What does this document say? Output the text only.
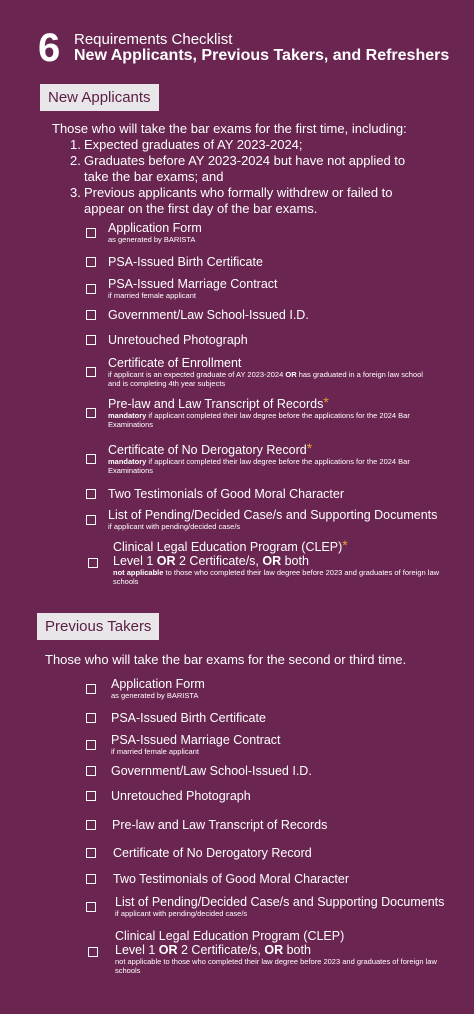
6 Requirements Checklist
New Applicants, Previous Takers, and Refreshers
New Applicants
Those who will take the bar exams for the first time, including:
1. Expected graduates of AY 2023-2024;
2. Graduates before AY 2023-2024 but have not applied to take the bar exams; and
3. Previous applicants who formally withdrew or failed to appear on the first day of the bar exams.
Application Form
as generated by BARISTA
PSA-Issued Birth Certificate
PSA-Issued Marriage Contract
if married female applicant
Government/Law School-Issued I.D.
Unretouched Photograph
Certificate of Enrollment
if applicant is an expected graduate of AY 2023-2024 OR has graduated in a foreign law school and is completing 4th year subjects
Pre-law and Law Transcript of Records*
mandatory if applicant completed their law degree before the applications for the 2024 Bar Examinations
Certificate of No Derogatory Record*
mandatory if applicant completed their law degree before the applications for the 2024 Bar Examinations
Two Testimonials of Good Moral Character
List of Pending/Decided Case/s and Supporting Documents
if applicant with pending/decided case/s
Clinical Legal Education Program (CLEP)*
Level 1 OR 2 Certificate/s, OR both
not applicable to those who completed their law degree before 2023 and graduates of foreign law schools
Previous Takers
Those who will take the bar exams for the second or third time.
Application Form
as generated by BARISTA
PSA-Issued Birth Certificate
PSA-Issued Marriage Contract
if married female applicant
Government/Law School-Issued I.D.
Unretouched Photograph
Pre-law and Law Transcript of Records
Certificate of No Derogatory Record
Two Testimonials of Good Moral Character
List of Pending/Decided Case/s and Supporting Documents
if applicant with pending/decided case/s
Clinical Legal Education Program (CLEP)
Level 1 OR 2 Certificate/s, OR both
not applicable to those who completed their law degree before 2023 and graduates of foreign law schools
